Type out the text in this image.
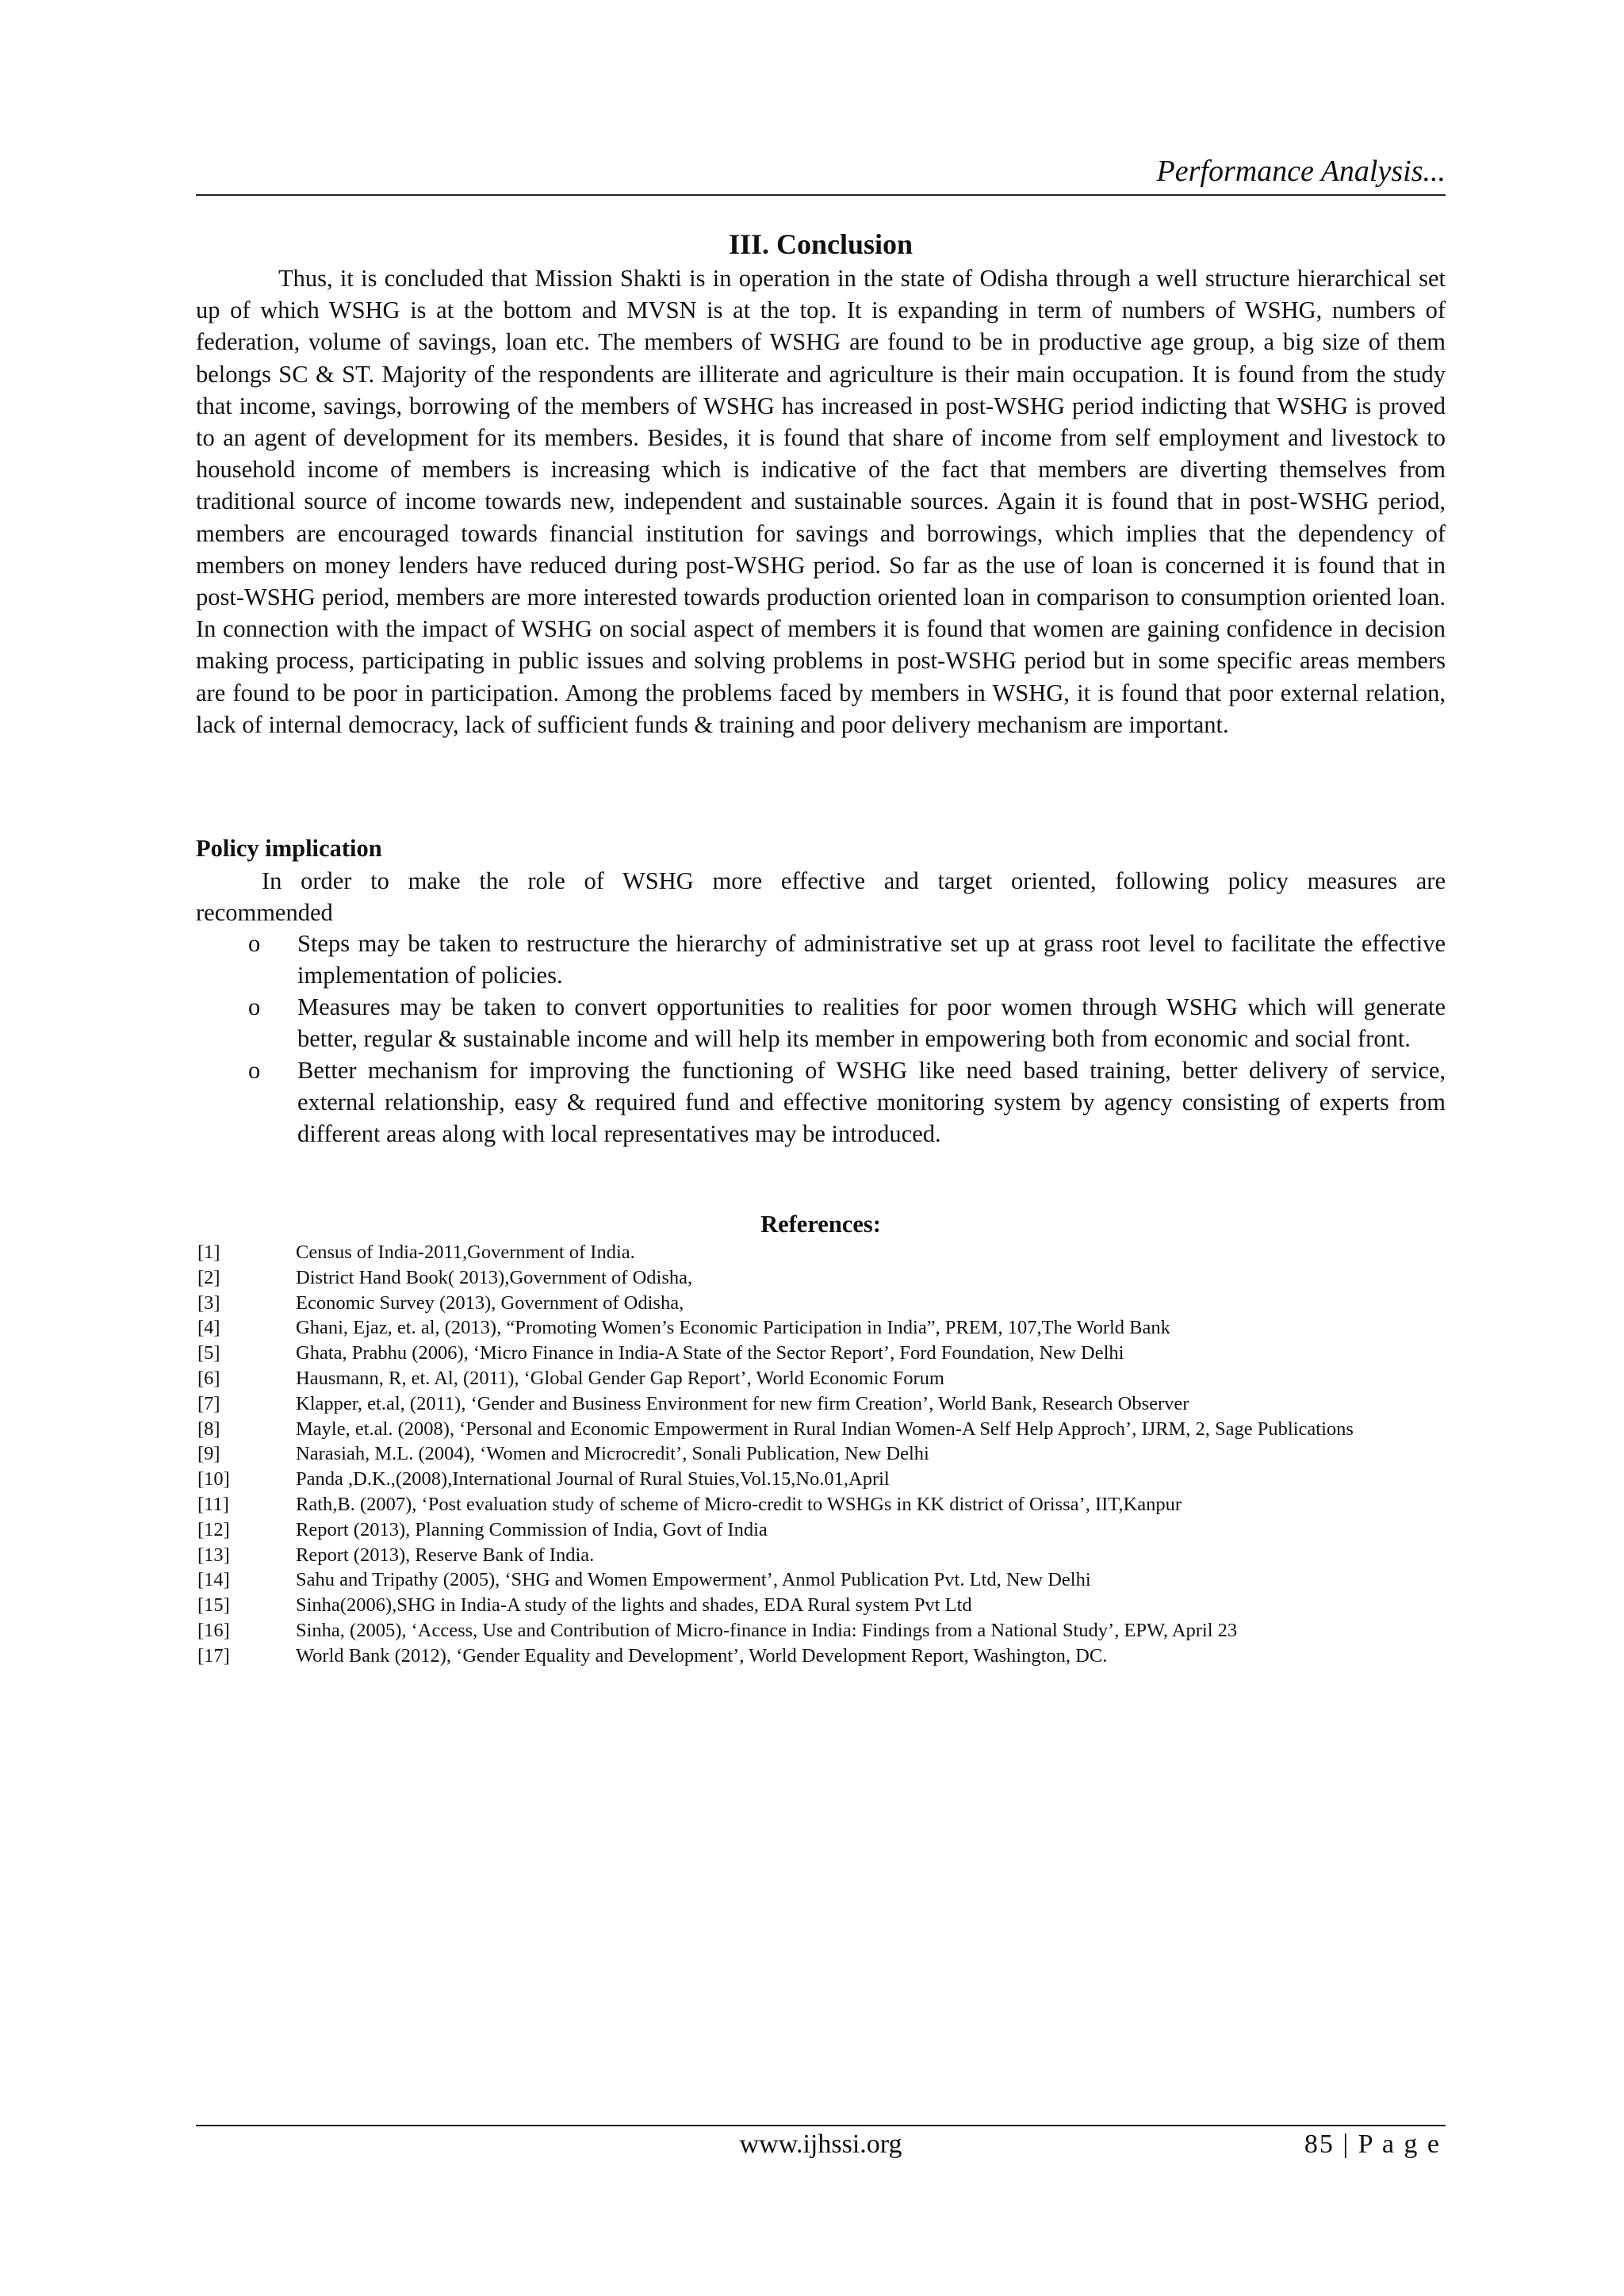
Performance Analysis...

III. Conclusion

Thus, it is concluded that Mission Shakti is in operation in the state of Odisha through a well structure hierarchical set up of which WSHG is at the bottom and MVSN is at the top. It is expanding in term of numbers of WSHG, numbers of federation, volume of savings, loan etc. The members of WSHG are found to be in productive age group, a big size of them belongs SC & ST. Majority of the respondents are illiterate and agriculture is their main occupation. It is found from the study that income, savings, borrowing of the members of WSHG has increased in post-WSHG period indicting that WSHG is proved to an agent of development for its members. Besides, it is found that share of income from self employment and livestock to household income of members is increasing which is indicative of the fact that members are diverting themselves from traditional source of income towards new, independent and sustainable sources. Again it is found that in post-WSHG period, members are encouraged towards financial institution for savings and borrowings, which implies that the dependency of members on money lenders have reduced during post-WSHG period. So far as the use of loan is concerned it is found that in post-WSHG period, members are more interested towards production oriented loan in comparison to consumption oriented loan. In connection with the impact of WSHG on social aspect of members it is found that women are gaining confidence in decision making process, participating in public issues and solving problems in post-WSHG period but in some specific areas members are found to be poor in participation. Among the problems faced by members in WSHG, it is found that poor external relation, lack of internal democracy, lack of sufficient funds & training and poor delivery mechanism are important.

Policy implication

In order to make the role of WSHG more effective and target oriented, following policy measures are
recommended

o Steps may be taken to restructure the hierarchy of administrative set up at grass root level to facilitate the effective implementation of policies.
o Measures may be taken to convert opportunities to realities for poor women through WSHG which will generate better, regular & sustainable income and will help its member in empowering both from economic and social front.
o Better mechanism for improving the functioning of WSHG like need based training, better delivery of service, external relationship, easy & required fund and effective monitoring system by agency consisting of experts from different areas along with local representatives may be introduced.
References:
[1]	Census of India-2011,Government of India.
[2]	District Hand Book( 2013),Government of Odisha,
[3]	Economic Survey (2013), Government of Odisha,
[4]	Ghani, Ejaz, et. al, (2013), “Promoting Women’s Economic Participation in India”, PREM, 107,The World Bank
[5]	Ghata, Prabhu (2006), ‘Micro Finance in India-A State of the Sector Report’, Ford Foundation, New Delhi
[6]	Hausmann, R, et. Al, (2011), ‘Global Gender Gap Report’, World Economic Forum
[7]	Klapper, et.al, (2011), ‘Gender and Business Environment for new firm Creation’, World Bank, Research Observer
[8]	Mayle, et.al. (2008), ‘Personal and Economic Empowerment in Rural Indian Women-A Self Help Approch’, IJRM, 2, Sage Publications
[9]	Narasiah, M.L. (2004), ‘Women and Microcredit’, Sonali Publication, New Delhi
[10]	Panda ,D.K.,(2008),International Journal of Rural Stuies,Vol.15,No.01,April
[11]	Rath,B. (2007), ‘Post evaluation study of scheme of Micro-credit to WSHGs in KK district of Orissa’, IIT,Kanpur
[12]	Report (2013), Planning Commission of India, Govt of India
[13]	Report (2013), Reserve Bank of India.
[14]	Sahu and Tripathy (2005), ‘SHG and Women Empowerment’, Anmol Publication Pvt. Ltd, New Delhi
[15]	Sinha(2006),SHG in India-A study of the lights and shades, EDA Rural system Pvt Ltd
[16]	Sinha, (2005), ‘Access, Use and Contribution of Micro-finance in India: Findings from a National Study’, EPW, April 23
[17]	World Bank (2012), ‘Gender Equality and Development’, World Development Report, Washington, DC.

www.ijhssi.org	85 | P a g e
